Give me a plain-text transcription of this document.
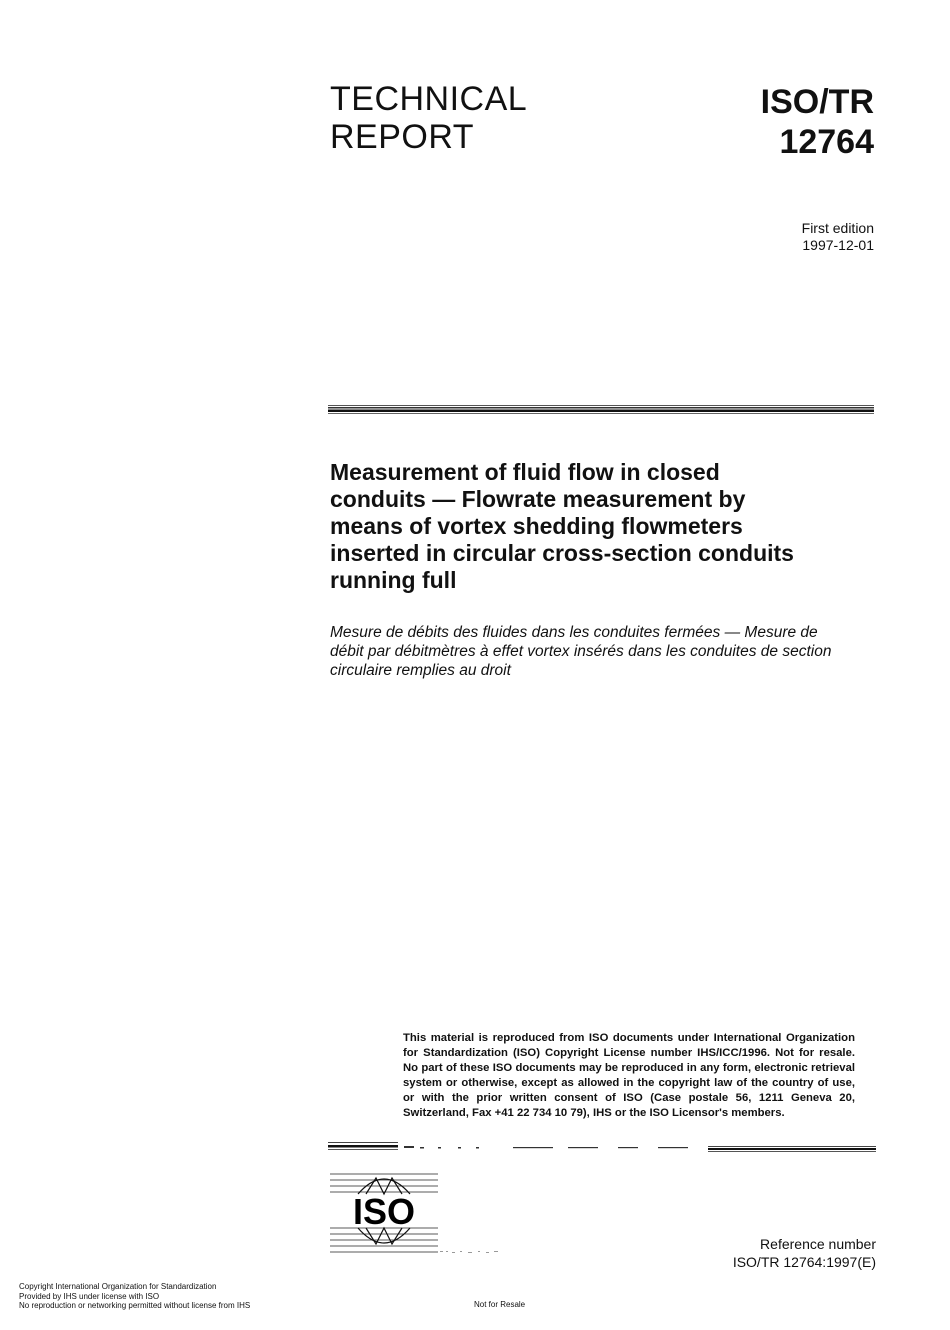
TECHNICAL
REPORT
ISO/TR
12764
First edition
1997-12-01
Measurement of fluid flow in closed
conduits — Flowrate measurement by
means of vortex shedding flowmeters
inserted in circular cross-section conduits
running full
Mesure de débits des fluides dans les conduites fermées — Mesure de
débit par débitmètres à effet vortex insérés dans les conduites de section
circulaire remplies au droit
This material is reproduced from ISO documents under International Organization for Standardization (ISO) Copyright License number IHS/ICC/1996. Not for resale. No part of these ISO documents may be reproduced in any form, electronic retrieval system or otherwise, except as allowed in the copyright law of the country of use, or with the prior written consent of ISO (Case postale 56, 1211 Geneva 20, Switzerland, Fax +41 22 734 10 79), IHS or the ISO Licensor's members.
ISO
Reference number
ISO/TR 12764:1997(E)
Copyright International Organization for Standardization
Provided by IHS under license with ISO
No reproduction or networking permitted without license from IHS	Not for Resale
